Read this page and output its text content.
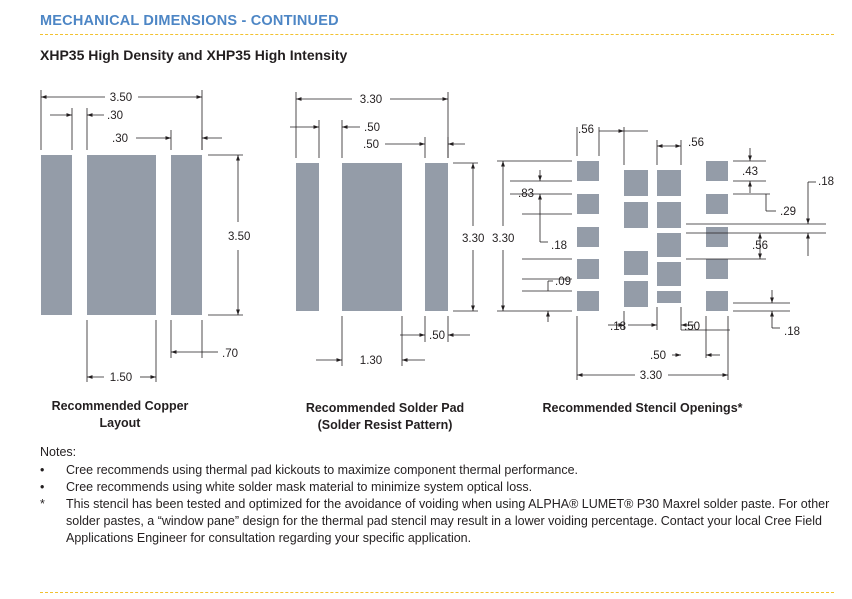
MECHANICAL DIMENSIONS - CONTINUED
XHP35 High Density and XHP35 High Intensity
3.50
.30
.30
3.50
1.50
.70
3.30
.50
.50
3.30
1.30
.50
3.30
.56
.56
.43
.83
.18
.29
.18
.56
.09
.18	.50	.18
.50
3.30
Recommended Copper Layout
Recommended Solder Pad
(Solder Resist Pattern)
Recommended Stencil Openings*
Notes:
• Cree recommends using thermal pad kickouts to maximize component thermal performance.
• Cree recommends using white solder mask material to minimize system optical loss.
* This stencil has been tested and optimized for the avoidance of voiding when using ALPHA® LUMET® P30 Maxrel solder paste. For other solder pastes, a “window pane” design for the thermal pad stencil may result in a lower voiding percentage. Contact your local Cree Field Applications Engineer for consultation regarding your specific application.
